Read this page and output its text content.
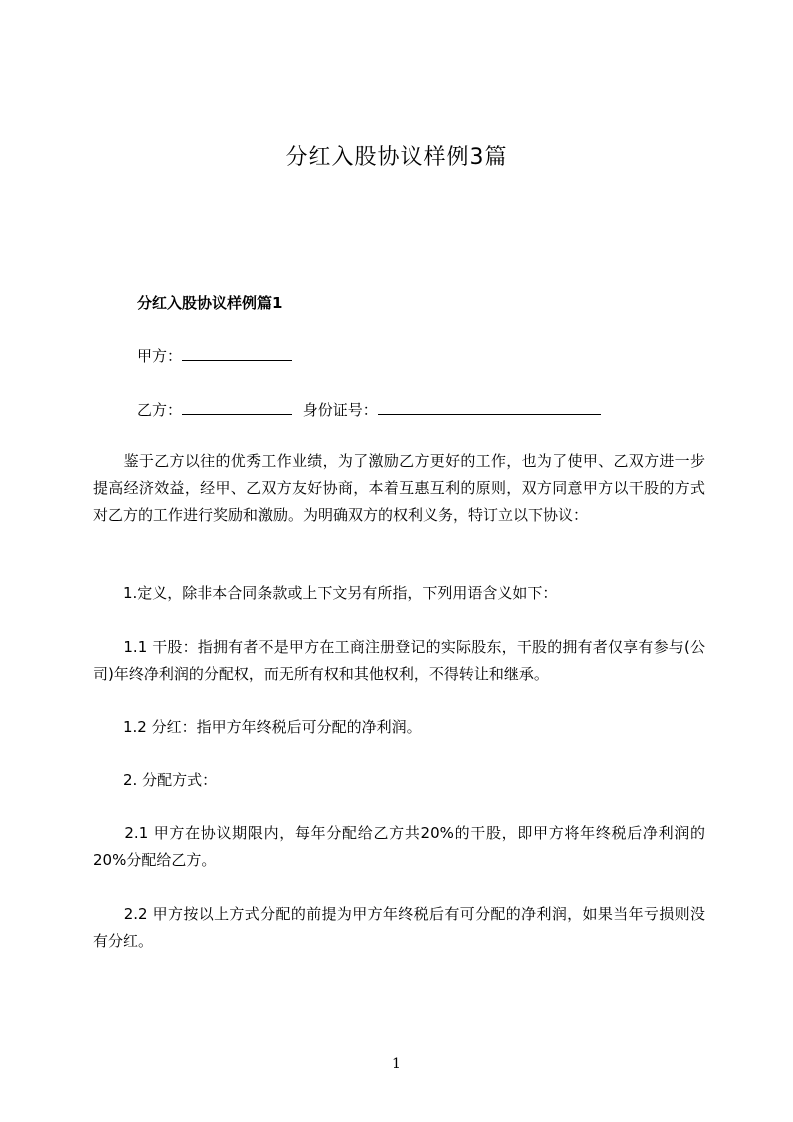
分红入股协议样例3篇
分红入股协议样例篇1
甲方：
乙方：	身份证号：

　　鉴于乙方以往的优秀工作业绩，为了激励乙方更好的工作，也为了使甲、乙双方进一步提高经济效益，经甲、乙双方友好协商，本着互惠互利的原则，双方同意甲方以干股的方式对乙方的工作进行奖励和激励。为明确双方的权利义务，特订立以下协议：

　　1.定义，除非本合同条款或上下文另有所指，下列用语含义如下：

　　1.1 干股：指拥有者不是甲方在工商注册登记的实际股东，干股的拥有者仅享有参与(公司)年终净利润的分配权，而无所有权和其他权利，不得转让和继承。

　　1.2 分红：指甲方年终税后可分配的净利润。

　　2. 分配方式：

　　2.1 甲方在协议期限内，每年分配给乙方共20%的干股，即甲方将年终税后净利润的20%分配给乙方。

　　2.2 甲方按以上方式分配的前提为甲方年终税后有可分配的净利润，如果当年亏损则没有分红。

1
